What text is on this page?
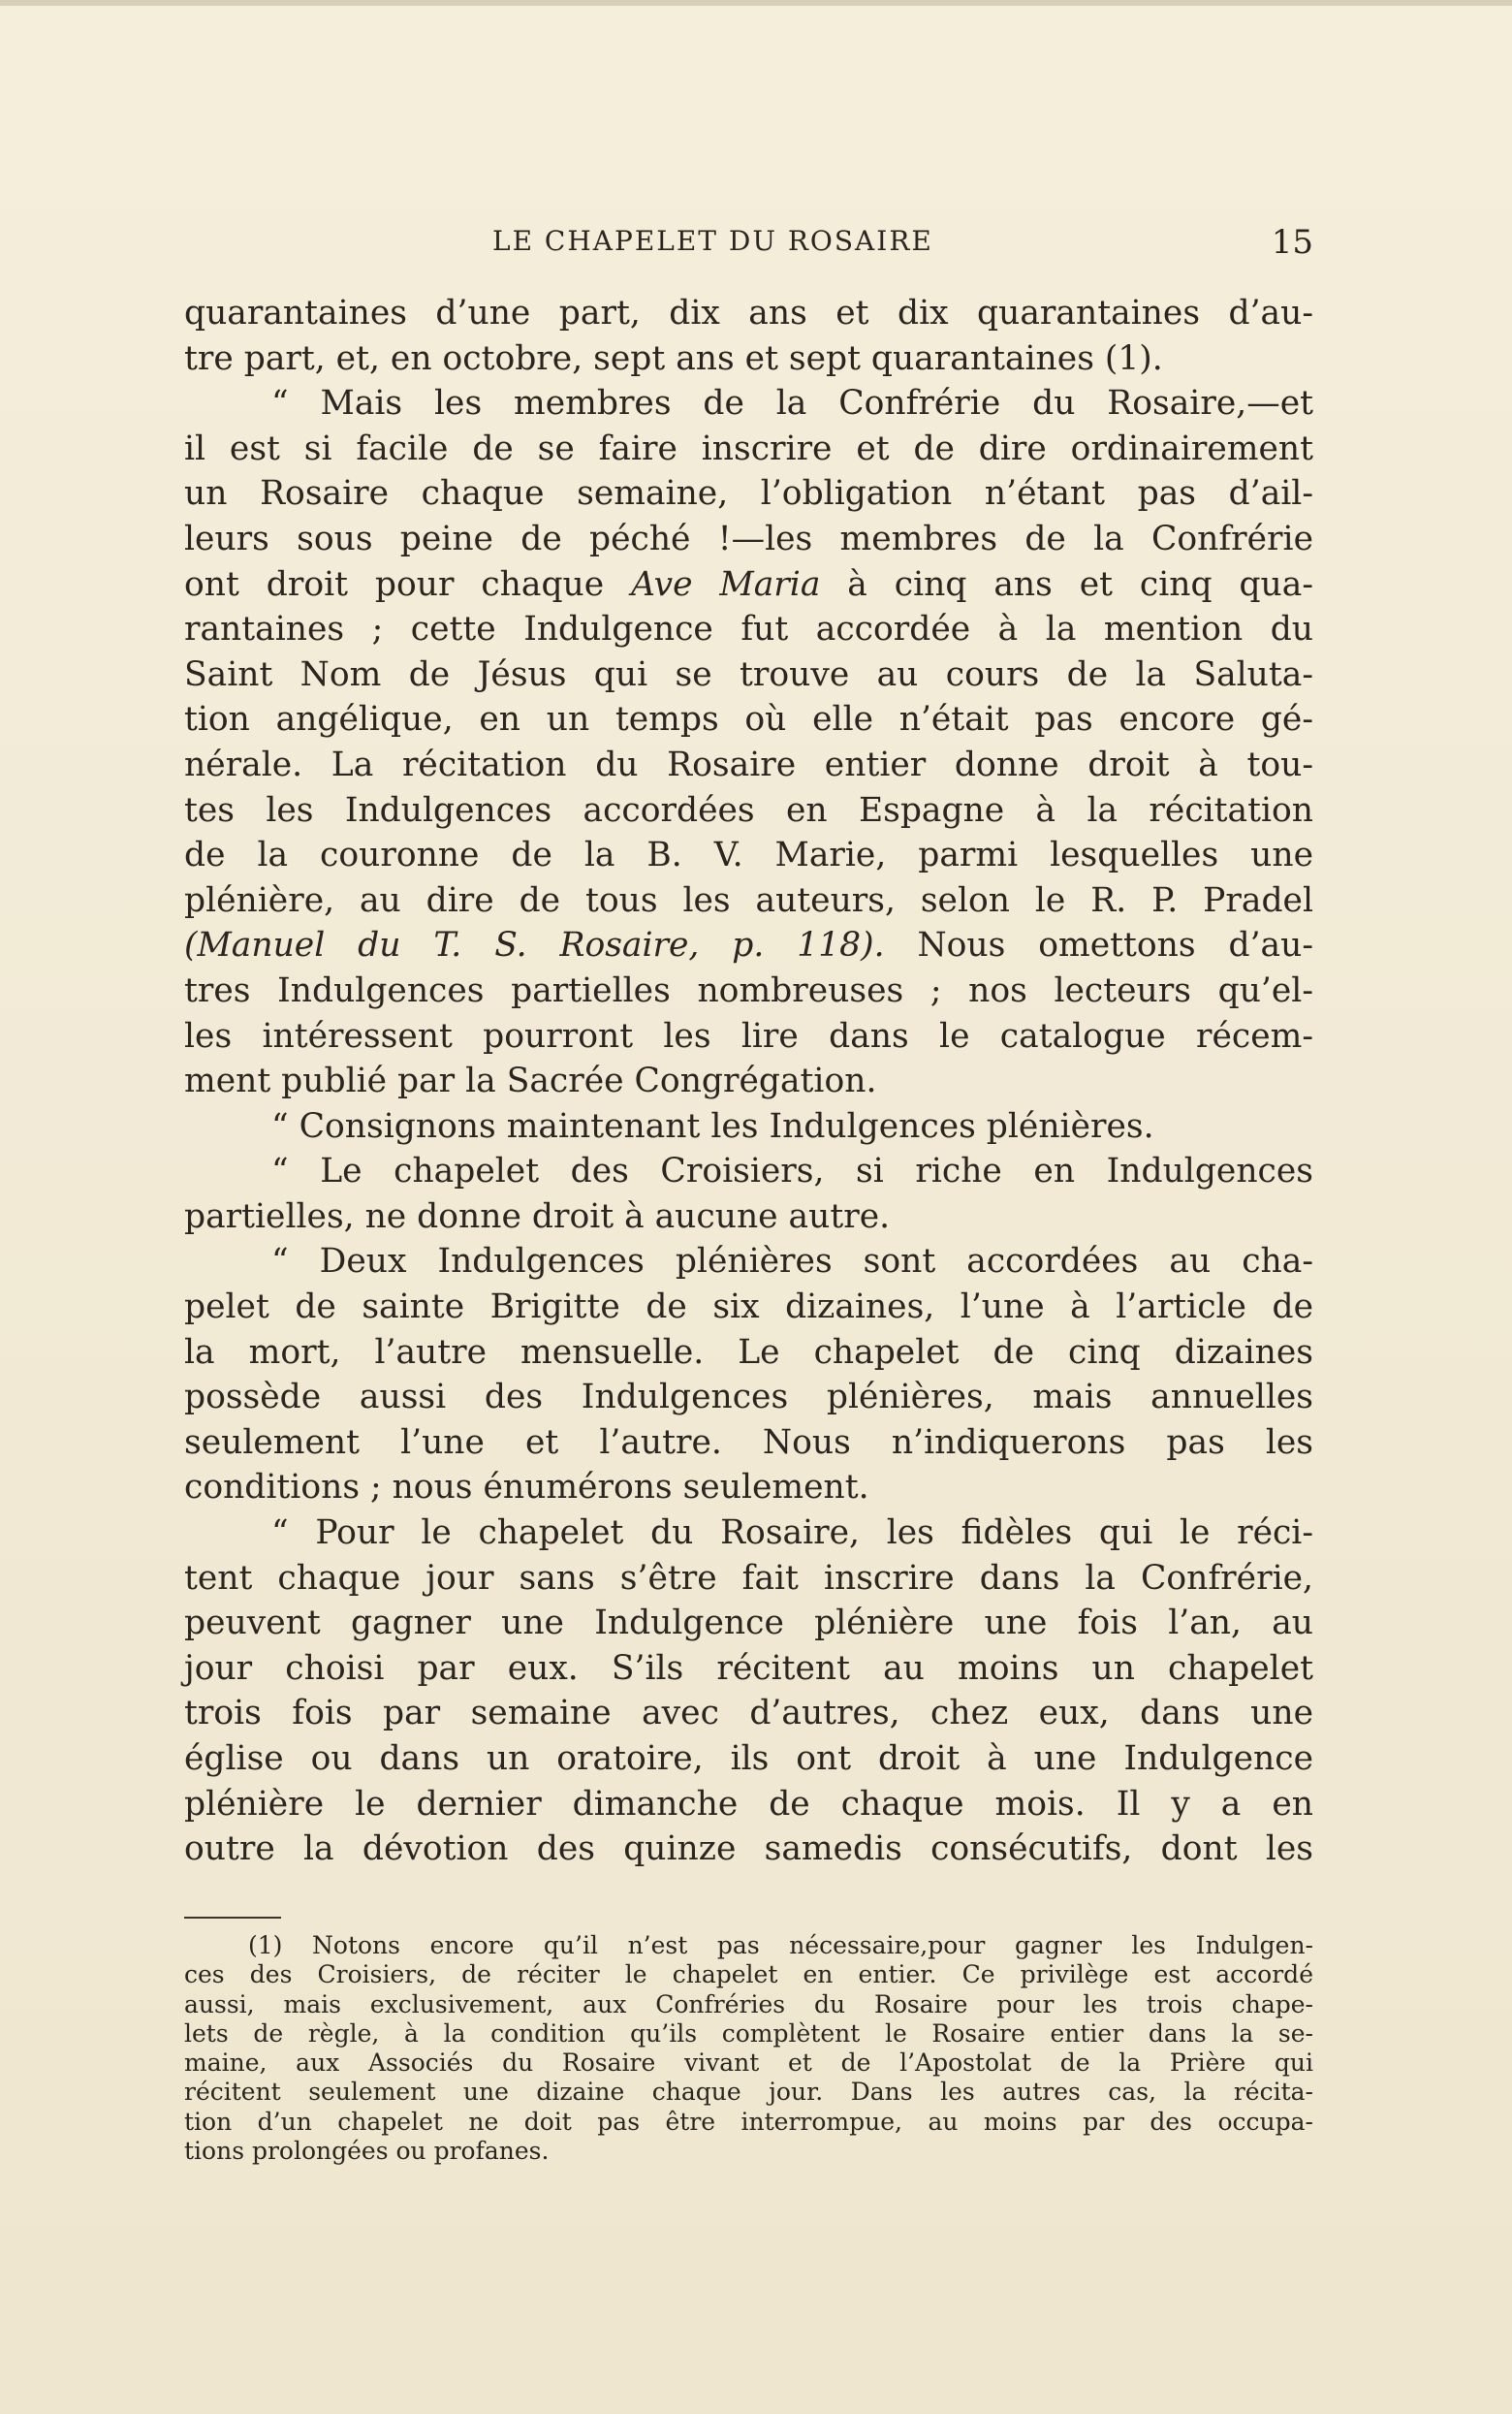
LE CHAPELET DU ROSAIRE	15
quarantaines d’une part, dix ans et dix quarantaines d’au-
tre part, et, en octobre, sept ans et sept quarantaines (1).
“ Mais les membres de la Confrérie du Rosaire,—et
il est si facile de se faire inscrire et de dire ordinairement
un Rosaire chaque semaine, l’obligation n’étant pas d’ail-
leurs sous peine de péché !—les membres de la Confrérie
ont droit pour chaque Ave Maria à cinq ans et cinq qua-
rantaines ; cette Indulgence fut accordée à la mention du
Saint Nom de Jésus qui se trouve au cours de la Saluta-
tion angélique, en un temps où elle n’était pas encore gé-
nérale. La récitation du Rosaire entier donne droit à tou-
tes les Indulgences accordées en Espagne à la récitation
de la couronne de la B. V. Marie, parmi lesquelles une
plénière, au dire de tous les auteurs, selon le R. P. Pradel
(Manuel du T. S. Rosaire, p. 118). Nous omettons d’au-
tres Indulgences partielles nombreuses ; nos lecteurs qu’el-
les intéressent pourront les lire dans le catalogue récem-
ment publié par la Sacrée Congrégation.
“ Consignons maintenant les Indulgences plénières.
“ Le chapelet des Croisiers, si riche en Indulgences
partielles, ne donne droit à aucune autre.
“ Deux Indulgences plénières sont accordées au cha-
pelet de sainte Brigitte de six dizaines, l’une à l’article de
la mort, l’autre mensuelle. Le chapelet de cinq dizaines
possède aussi des Indulgences plénières, mais annuelles
seulement l’une et l’autre. Nous n’indiquerons pas les
conditions ; nous énumérons seulement.
“ Pour le chapelet du Rosaire, les fidèles qui le réci-
tent chaque jour sans s’être fait inscrire dans la Confrérie,
peuvent gagner une Indulgence plénière une fois l’an, au
jour choisi par eux. S’ils récitent au moins un chapelet
trois fois par semaine avec d’autres, chez eux, dans une
église ou dans un oratoire, ils ont droit à une Indulgence
plénière le dernier dimanche de chaque mois. Il y a en
outre la dévotion des quinze samedis consécutifs, dont les
(1) Notons encore qu’il n’est pas nécessaire,pour gagner les Indulgen-
ces des Croisiers, de réciter le chapelet en entier. Ce privilège est accordé
aussi, mais exclusivement, aux Confréries du Rosaire pour les trois chape-
lets de règle, à la condition qu’ils complètent le Rosaire entier dans la se-
maine, aux Associés du Rosaire vivant et de l’Apostolat de la Prière qui
récitent seulement une dizaine chaque jour. Dans les autres cas, la récita-
tion d’un chapelet ne doit pas être interrompue, au moins par des occupa-
tions prolongées ou profanes.
